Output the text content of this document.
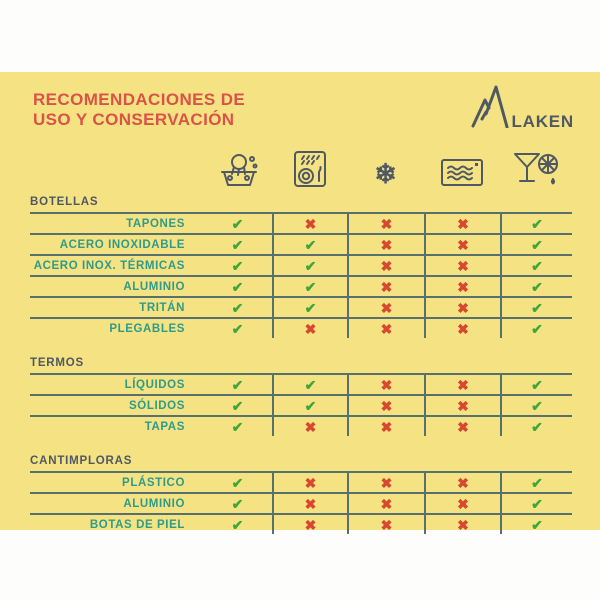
RECOMENDACIONES DE
USO Y CONSERVACIÓN	LAKEN
❄
BOTELLAS
TAPONES	✔	✖	✖	✖	✔
ACERO INOXIDABLE	✔	✔	✖	✖	✔
ACERO INOX. TÉRMICAS	✔	✔	✖	✖	✔
ALUMINIO	✔	✔	✖	✖	✔
TRITÁN	✔	✔	✖	✖	✔
PLEGABLES	✔	✖	✖	✖	✔
TERMOS
LÍQUIDOS	✔	✔	✖	✖	✔
SÓLIDOS	✔	✔	✖	✖	✔
TAPAS	✔	✖	✖	✖	✔
CANTIMPLORAS
PLÁSTICO	✔	✖	✖	✖	✔
ALUMINIO	✔	✖	✖	✖	✔
BOTAS DE PIEL	✔	✖	✖	✖	✔
